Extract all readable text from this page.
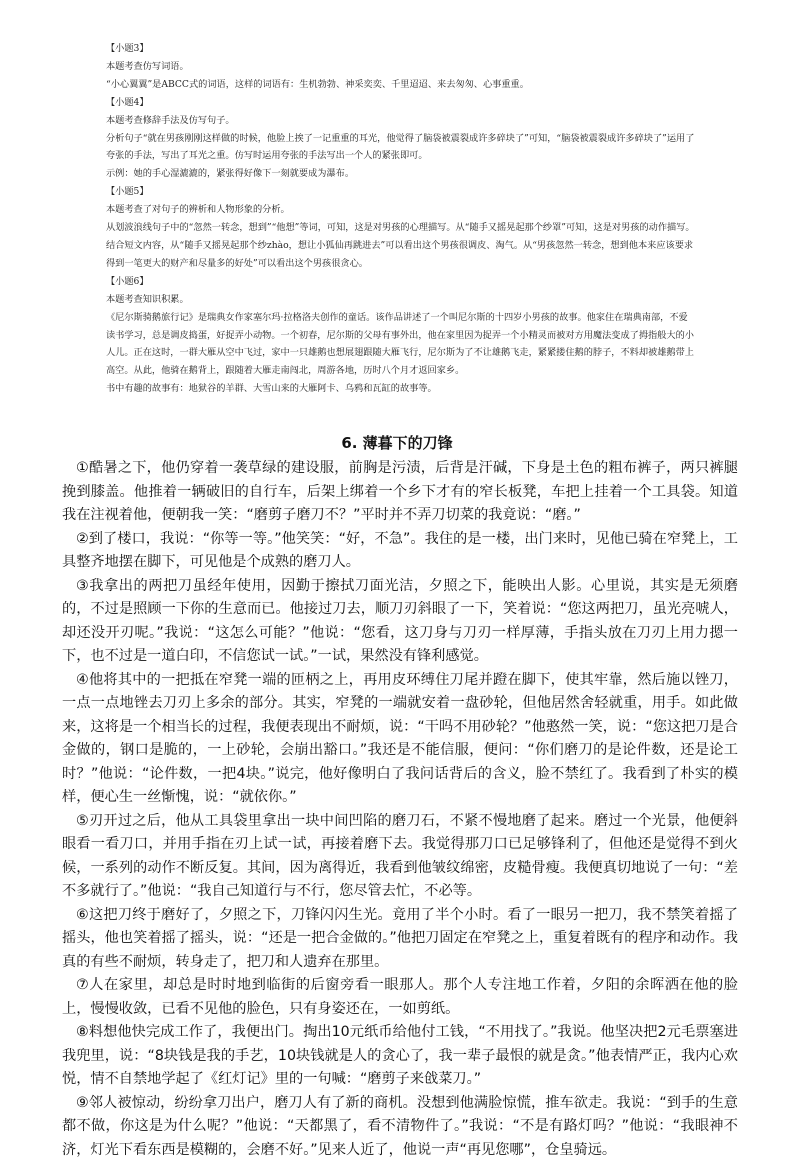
【小题3】

本题考查仿写词语。

“小心翼翼”是ABCC式的词语，这样的词语有：生机勃勃、神采奕奕、千里迢迢、来去匆匆、心事重重。

【小题4】

本题考查修辞手法及仿写句子。

分析句子“就在男孩刚刚这样做的时候，他脸上挨了一记重重的耳光，他觉得了脑袋被震裂成许多碎块了”可知，“脑袋被震裂成许多碎块了”运用了夸张的手法，写出了耳光之重。仿写时运用夸张的手法写出一个人的紧张即可。

示例：她的手心湿漉漉的，紧张得好像下一刻就要成为瀑布。

【小题5】

本题考查了对句子的辨析和人物形象的分析。

从划波浪线句子中的“忽然一转念，想到”“他想”等词，可知，这是对男孩的心理描写。从“随手又摇晃起那个纱罩”可知，这是对男孩的动作描写。

结合短文内容，从“随手又摇晃起那个纱zhào，想让小狐仙再跳进去”可以看出这个男孩很调皮、淘气。从“男孩忽然一转念，想到他本来应该要求得到一笔更大的财产和尽量多的好处”可以看出这个男孩很贪心。

【小题6】

本题考查知识积累。

《尼尔斯骑鹅旅行记》是瑞典女作家塞尔玛·拉格洛夫创作的童话。该作品讲述了一个叫尼尔斯的十四岁小男孩的故事。他家住在瑞典南部，不爱读书学习，总是调皮捣蛋，好捉弄小动物。一个初春，尼尔斯的父母有事外出，他在家里因为捉弄一个小精灵而被对方用魔法变成了拇指般大的小人儿。正在这时，一群大雁从空中飞过，家中一只雄鹅也想展翅跟随大雁飞行，尼尔斯为了不让雄鹅飞走，紧紧搂住鹅的脖子，不料却被雄鹅带上高空。从此，他骑在鹅背上，跟随着大雁走南闯北，周游各地，历时八个月才返回家乡。

书中有趣的故事有：地狱谷的羊群、大雪山来的大雁阿卡、乌鸦和瓦缸的故事等。

6. 薄暮下的刀锋

①酷暑之下，他仍穿着一袭草绿的建设服，前胸是污渍，后背是汗碱，下身是土色的粗布裤子，两只裤腿挽到膝盖。他推着一辆破旧的自行车，后架上绑着一个乡下才有的窄长板凳，车把上挂着一个工具袋。知道我在注视着他，便朝我一笑：“磨剪子磨刀不？”平时并不弄刀切菜的我竟说：“磨。”

②到了楼口，我说：“你等一等。”他笑笑：“好，不急”。我住的是一楼，出门来时，见他已骑在窄凳上，工具整齐地摆在脚下，可见他是个成熟的磨刀人。

③我拿出的两把刀虽经年使用，因勤于擦拭刀面光洁，夕照之下，能映出人影。心里说，其实是无须磨的，不过是照顾一下你的生意而已。他接过刀去，顺刀刃斜眼了一下，笑着说：“您这两把刀，虽光亮唬人，却还没开刃呢。”我说：“这怎么可能？”他说：“您看，这刀身与刀刃一样厚薄，手指头放在刀刃上用力摁一下，也不过是一道白印，不信您试一试。”一试，果然没有锋利感觉。

④他将其中的一把抵在窄凳一端的匝柄之上，再用皮环缚住刀尾并蹬在脚下，使其牢靠，然后施以锉刀，一点一点地锉去刀刃上多余的部分。其实，窄凳的一端就安着一盘砂轮，但他居然舍轻就重，用手。如此做来，这将是一个相当长的过程，我便表现出不耐烦，说：“干吗不用砂轮？”他憨然一笑，说：“您这把刀是合金做的，钢口是脆的，一上砂轮，会崩出豁口。”我还是不能信服，便问：“你们磨刀的是论件数，还是论工时？”他说：“论件数，一把4块。”说完，他好像明白了我问话背后的含义，脸不禁红了。我看到了朴实的模样，便心生一丝惭愧，说：“就依你。”

⑤刃开过之后，他从工具袋里拿出一块中间凹陷的磨刀石，不紧不慢地磨了起来。磨过一个光景，他便斜眼看一看刀口，并用手指在刃上试一试，再接着磨下去。我觉得那刀口已足够锋利了，但他还是觉得不到火候，一系列的动作不断反复。其间，因为离得近，我看到他皱纹绵密，皮糙骨瘦。我便真切地说了一句：“差不多就行了。”他说：“我自己知道行与不行，您尽管去忙，不必等。

⑥这把刀终于磨好了，夕照之下，刀锋闪闪生光。竟用了半个小时。看了一眼另一把刀，我不禁笑着摇了摇头，他也笑着摇了摇头，说：“还是一把合金做的。”他把刀固定在窄凳之上，重复着既有的程序和动作。我真的有些不耐烦，转身走了，把刀和人遗弃在那里。

⑦人在家里，却总是时时地到临街的后窗旁看一眼那人。那个人专注地工作着，夕阳的余晖洒在他的脸上，慢慢收敛，已看不见他的脸色，只有身姿还在，一如剪纸。

⑧料想他快完成工作了，我便出门。掏出10元纸币给他付工钱，“不用找了。”我说。他坚决把2元毛票塞进我兜里，说：“8块钱是我的手艺，10块钱就是人的贪心了，我一辈子最恨的就是贪。”他表情严正，我内心欢悦，情不自禁地学起了《红灯记》里的一句喊：“磨剪子来戗菜刀。”

⑨邻人被惊动，纷纷拿刀出户，磨刀人有了新的商机。没想到他满脸惊慌，推车欲走。我说：“到手的生意都不做，你这是为什么呢？”他说：“天都黑了，看不清物件了。”我说：“不是有路灯吗？”他说：“我眼神不济，灯光下看东西是模糊的，会磨不好。”见来人近了，他说一声“再见您哪”，仓皇骑远。
